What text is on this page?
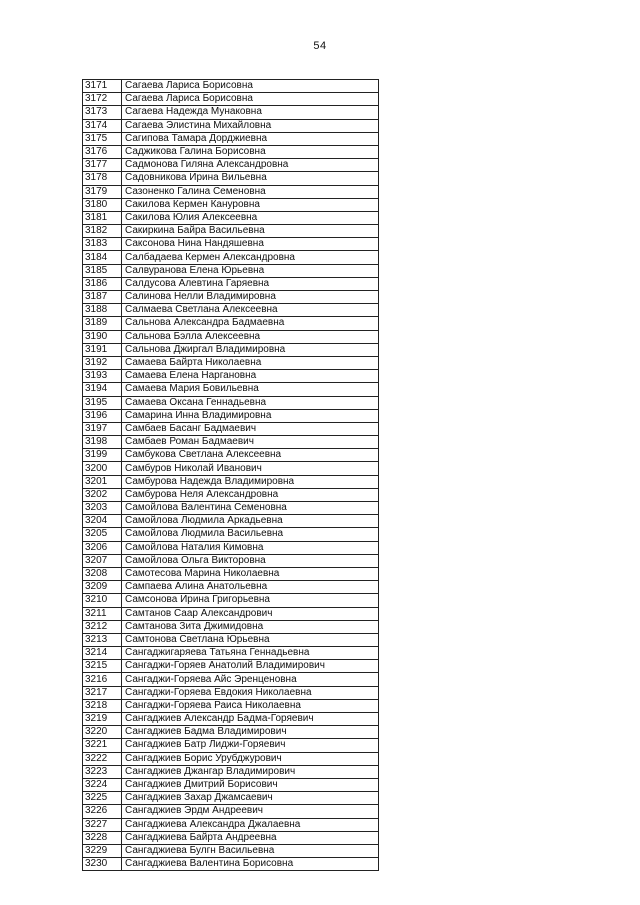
54
3171	Сагаева Лариса Борисовна
3172	Сагаева Лариса Борисовна
3173	Сагаева Надежда Мунаковна
3174	Сагаева Элистина Михайловна
3175	Сагипова Тамара Дорджиевна
3176	Саджикова Галина Борисовна
3177	Садмонова Гиляна Александровна
3178	Садовникова Ирина Вильевна
3179	Сазоненко Галина Семеновна
3180	Сакилова Кермен Кануровна
3181	Сакилова Юлия Алексеевна
3182	Сакиркина Байра Васильевна
3183	Саксонова Нина Нандяшевна
3184	Салбадаева Кермен Александровна
3185	Салвуранова Елена Юрьевна
3186	Салдусова Алевтина Гаряевна
3187	Салинова Нелли Владимировна
3188	Салмаева Светлана Алексеевна
3189	Сальнова Александра Бадмаевна
3190	Сальнова Бэлла Алексеевна
3191	Сальнова Джиргал Владимировна
3192	Самаева Байрта Николаевна
3193	Самаева Елена Наргановна
3194	Самаева Мария Бовильевна
3195	Самаева Оксана Геннадьевна
3196	Самарина Инна Владимировна
3197	Самбаев Басанг Бадмаевич
3198	Самбаев Роман Бадмаевич
3199	Самбукова Светлана Алексеевна
3200	Самбуров Николай Иванович
3201	Самбурова Надежда Владимировна
3202	Самбурова Неля Александровна
3203	Самойлова Валентина Семеновна
3204	Самойлова Людмила Аркадьевна
3205	Самойлова Людмила Васильевна
3206	Самойлова Наталия Кимовна
3207	Самойлова Ольга Викторовна
3208	Самотесова Марина Николаевна
3209	Сампаева Алина Анатольевна
3210	Самсонова Ирина Григорьевна
3211	Самтанов Саар Александрович
3212	Самтанова Зита Джимидовна
3213	Самтонова Светлана Юрьевна
3214	Сангаджигаряева Татьяна Геннадьевна
3215	Сангаджи-Горяев Анатолий Владимирович
3216	Сангаджи-Горяева Айс Эренценовна
3217	Сангаджи-Горяева Евдокия Николаевна
3218	Сангаджи-Горяева Раиса Николаевна
3219	Сангаджиев Александр Бадма-Горяевич
3220	Сангаджиев Бадма Владимирович
3221	Сангаджиев Батр Лиджи-Горяевич
3222	Сангаджиев Борис Урубджурович
3223	Сангаджиев Джангар Владимирович
3224	Сангаджиев Дмитрий Борисович
3225	Сангаджиев Захар Джамсаевич
3226	Сангаджиев Эрдм Андреевич
3227	Сангаджиева Александра Джалаевна
3228	Сангаджиева Байрта Андреевна
3229	Сангаджиева Булгн Васильевна
3230	Сангаджиева Валентина Борисовна
